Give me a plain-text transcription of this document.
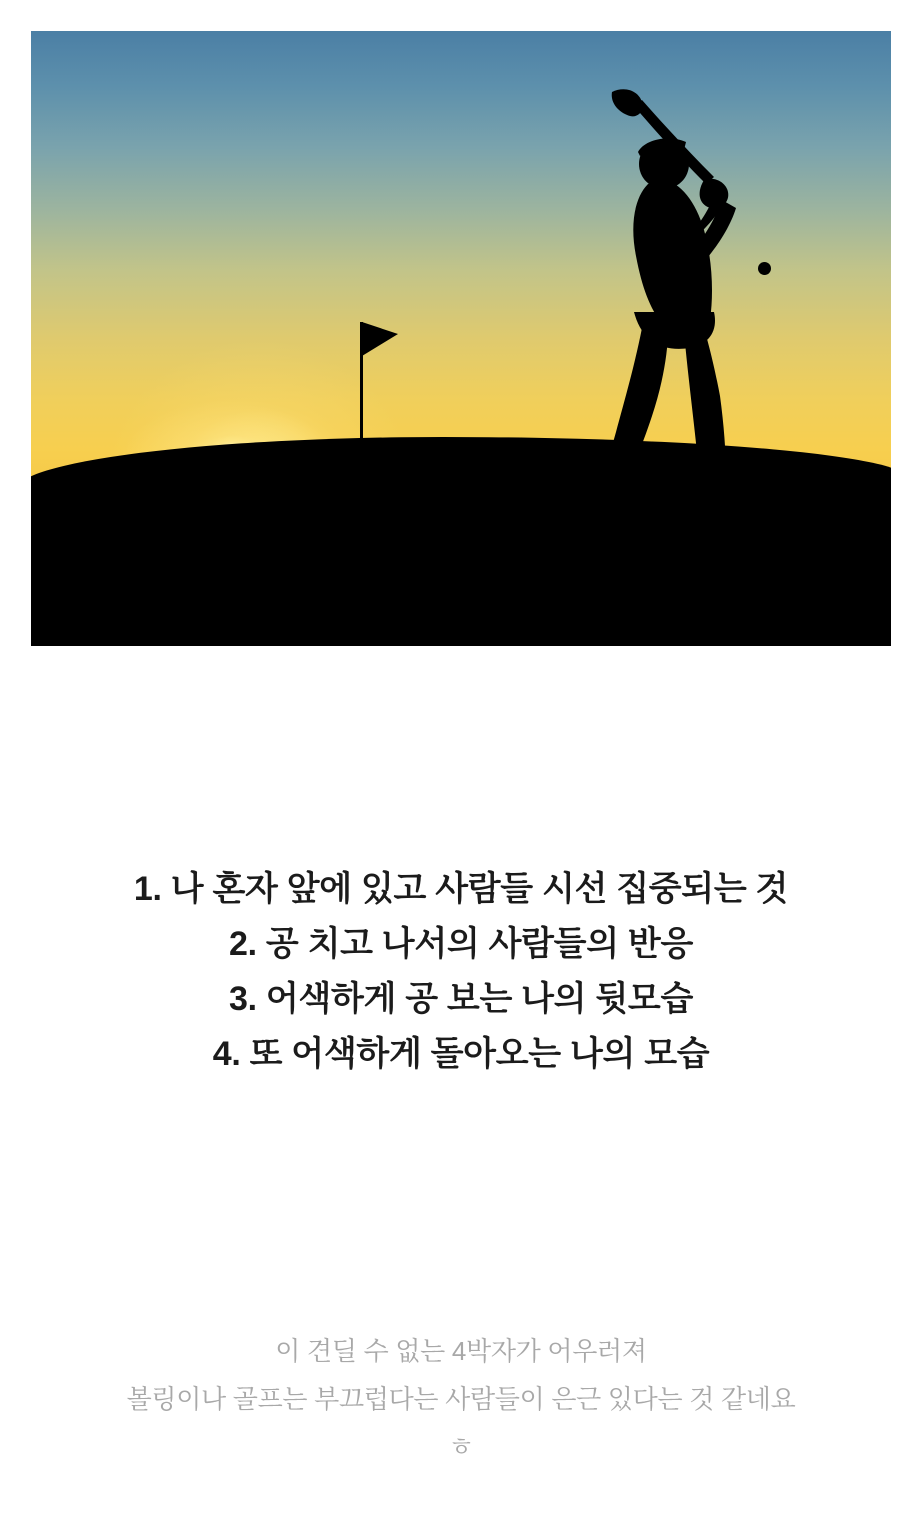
1. 나 혼자 앞에 있고 사람들 시선 집중되는 것
2. 공 치고 나서의 사람들의 반응
3. 어색하게 공 보는 나의 뒷모습
4. 또 어색하게 돌아오는 나의 모습
이 견딜 수 없는 4박자가 어우러져
볼링이나 골프는 부끄럽다는 사람들이 은근 있다는 것 같네요
ㅎ
